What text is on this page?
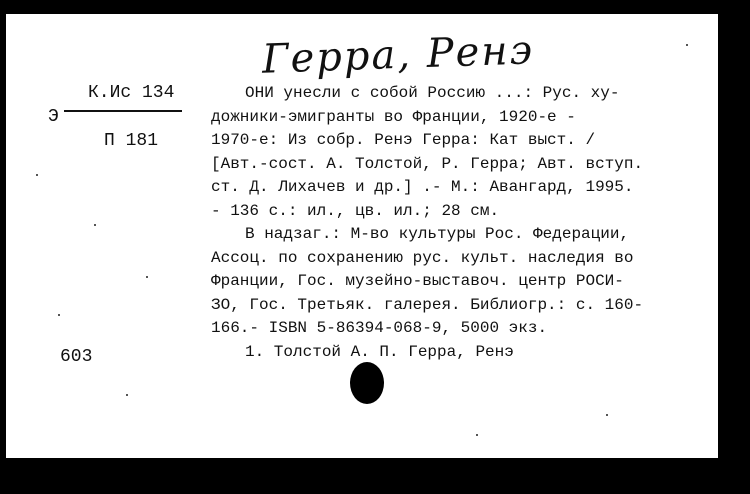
Герра, Ренэ
К.Ис 134
Э
П 181
603
ОНИ унесли с собой Россию ...: Рус. ху-
дожники-эмигранты во Франции, 1920-е -
1970-е: Из собр. Ренэ Герра: Кат выст. /
[Авт.-сост. А. Толстой, Р. Герра; Авт. вступ.
ст. Д. Лихачев и др.] .- М.: Авангард, 1995.
- 136 с.: ил., цв. ил.; 28 см.
В надзаг.: М-во культуры Рос. Федерации,
Ассоц. по сохранению рус. культ. наследия во
Франции, Гос. музейно-выставоч. центр РОСИ-
ЗО, Гос. Третьяк. галерея. Библиогр.: с. 160-
166.- ISBN 5-86394-068-9, 5000 экз.
1. Толстой А. П. Герра, Ренэ
